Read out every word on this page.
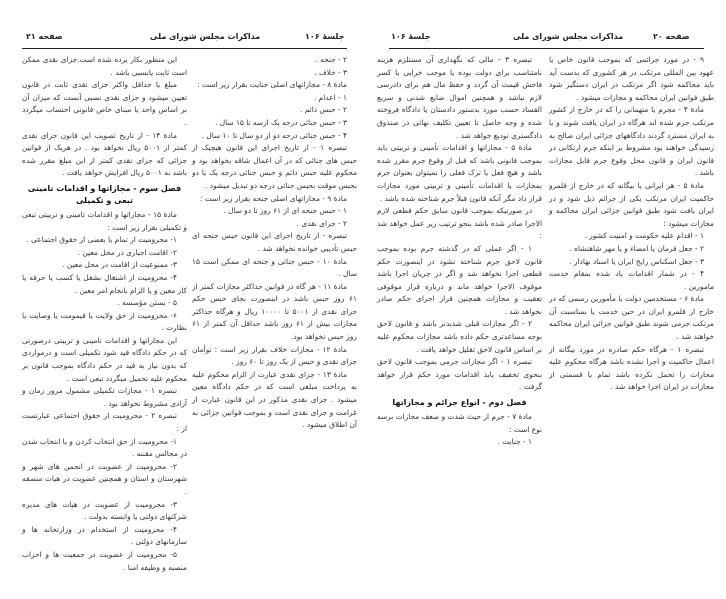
صفحه ۲۱	مذاکرات مجلس شورای ملی	جلسهٔ ۱۰۶

این منظور بکار برده شده است.جزای نقدی ممکن است ثابت یانسبی باشد .

مبلغ یا حداقل واکثر جزای نقدی ثابت در قانون تعیین میشود و جزای نقدی نسبی آنست که میزان آن بر اساس واحد یا مبنای خاص قانونی احتساب میگردد .

مادهٔ ۱۴ - از تاریخ تصویب این قانون جزای نقدی کمتر از ۵۰۰۱ ریال نخواهد بود . در هریک از قوانین جزائی که جزای نقدی کمتر از این مبلغ مقرر شده باشد به ۵۰۰۱ ریال افزایش خواهد یافت .

فصل سوم - مجازاتها و اقدامات تامینی تبعی و تکمیلی

مادهٔ ۱۵ - مجازاتها و اقدامات تامینی و تربیتی تبعی و تکمیلی بقرار زیر است :

۱- محرومیت از تمام یا بعضی از حقوق اجتماعی .

۲- اقامت اجباری در محل معین .

۳- ممنوعیت از اقامت در محل معین .

۴- محرومیت از اشتغال بشغل یا کسب یا حرفه یا کار معین و یا الزام بانجام امر معین .

۵ - بستن مؤسسه .

۶- محرومیت از حق ولایت یا قیمومت یا وصایت یا نظارت .

این مجازاتها و اقدامات تامینی و تربیتی درصورتی که در حکم دادگاه قید شود تکمیلی است و درمواردی که بدون نیاز به قید در حکم دادگاه بموجب قانون بر محکوم علیه تحمیل میگردد تبعی است .

تبصره ۱ - مجازات تکمیلی مشمول مرور زمان و آزادی مشروط نخواهد بود .

تبصره ۲ - محرومیت از حقوق اجتماعی عبارتست از :

۱- محرومیت از حق انتخاب کردن و یا انتخاب شدن در مجالس مقننه .

۲- محرومیت از عضویت در انجمن های شهر و شهرستان و استان و همچنین عضویت در هیات منصفه .

۳- محرومیت از عضویت در هیات های مدیره شرکتهای دولتی یا وابسته بدولت .

۴- محرومیت از استخدام در وزارتخانه ها و سازمانهای دولتی .

۵- محرومیت از عضویت در جمعیت ها و احزاب منصبه و وظیفه امنا .

۲ - جنحه .

۳ - خلاف .

مادهٔ ۸ - مجازاتهای اصلی جنایت بقرار زیر است :

۱ - اعدام .

۲ - حبس دائم .

۳ - حبس جنائی درجه یک ازسه تا ۱۵ سال .

۴ - حبس جنائی درجه دو از دو سال تا ۱۰ سال .

تبصره ۱ - از تاریخ اجرای این قانون هیچیک از حبس های جنائی که در آن اعمال شاقه بخواهد بود و محکوم علیه حبس دائم و حبس جنائی درجه یک یا دو بحبس موقت بحبس جنائی درجه دو تبدیل میشود .

مادهٔ ۹ - مجازاتهای اصلی جنحه بقرار زیر است :

۱ - حبس جنحه ای از ۶۱ روز تا دو سال .

۲ - جزای نقدی .

تبصره - از تاریخ اجرای این قانون حبس جنحه ای حبس تأدیبی خوانده نخواهد شد .

مادهٔ ۱۰ - حبس جنائی و جنحه ای ممکن است ۱۵ سال .

مادهٔ ۱۱ - هر گاه در قوانین حداکثر مجازات کمتر از ۶۱ روز حبس باشد در اینصورت بجای حبس حکم جزای نقدی از ۵۰۰۱ تا ۱۰۰۰۰ ریال و هرگاه حداکثر مجازات بیش از ۶۱ روز باشد حداقل آن کمتر از ۶۱ روز حبس نخواهد بود.

مادهٔ ۱۲ - مجازات خلاف بقرار زیر است : توأمان جزای نقدی و حبس از یک روز تا ۶۰ روز .

مادهٔ ۱۳ - جزای نقدی عبارت از الزام محکوم علیه به پرداخت مبلغی است که در حکم دادگاه معین میشود . جزای نقدی مذکور در این قانون عبارت از غرامت و جزای نقدی است و بموجب قوانین جزائی به آن اطلاق میشود .

صفحه ۲۰
مذاکرات مجلس شورای ملی
جلسهٔ ۱۰۶

تبصره ۳ - مالی که نگهداری آن مستلزم هزینه نامتناسب برای دولت بوده یا موجب خرابی یا کسر فاحش قیمت آن گردد و حفظ مال هم برای دادرسی لازم نباشد و همچنین اموال ضایع شدنی و سریع الفساد حسب مورد بدستور دادستان یا دادگاه فروخته شده و وجه حاصل تا تعیین تکلیف نهائی در صندوق دادگستری تودیع خواهد شد .

مادهٔ ۵ - مجازاتها و اقدامات تأمینی و تربیتی باید بموجب قانونی باشد که قبل از وقوع جرم مقرر شده باشد و هیچ فعل یا ترک فعلی را نمیتوان بعنوان جرم بمجازات یا اقدامات تأمینی و تربیتی مورد مجازات قرار داد مگر آنکه قانون قبلاً جرم شناخته شده باشد .

در صورتیکه بموجب قانون سابق حکم قطعی لازم الاجرا صادر شده باشد بنحو ترتیب زیر عمل خواهد شد :

۱ - اگر عملی که در گذشته جرم بوده بموجب قانون لاحق جرم شناخته نشود در اینصورت حکم قطعی اجرا نخواهد شد و اگر در جریان اجرا باشد موقوف الاجرا خواهد ماند و درباره قرار موقوفی تعقیب و مجازات همچنین قرار اجرای حکم صادر نخواهد شد .

۲ - اگر مجازات قبلی شدیدتر باشد و قانون لاحق بوجه مساعدتری حکم داده باشد مجازات محکوم علیه بر اساس قانون لاحق تقلیل خواهد یافت .

تبصره ۱ - اگر مجازات جرمی بموجب قانون لاحق بنحوی تخفیف یابد اقدامات مورد حکم قرار خواهد گرفت .

فصل دوم - انواع جرائم و مجازاتها

مادهٔ ۷ - جرم از حیث شدت و ضعف مجازات برسه نوع است :

۱ - جنایت .

۹ - در مورد جرائمی که بموجب قانون خاص یا عهود بین المللی مرتکب در هر کشوری که بدست آید باید محاکمه شود اگر مرتکب در ایران دستگیر شود طبق قوانین ایران محاکمه و مجازات میشود .

مادهٔ ۴ - مجرم یا متهمانی را که در خارج از کشور مرتکب جرم شده اند هرگاه در ایران یافت شوند و یا به ایران مسترد گردند دادگاههای جزائی ایران صالح به رسیدگی خواهند بود مشروط بر اینکه جرم ارتکابی در قانون ایران و قانون محل وقوع جرم قابل مجازات باشد .

مادهٔ ۵ - هر ایرانی یا بیگانه که در خارج از قلمرو حاکمیت ایران مرتکب یکی از جرائم ذیل شود و در ایران یافت شود طبق قوانین جزائی ایران محاکمه و مجازات میشود :

۱ - اقدام علیه حکومت و امنیت کشور .

۲ - جعل فرمان یا امضاء و یا مهر شاهنشاه .

۳ - جعل اسکناس رایج ایران یا اسناد بهادار .

۴ - در شمار اقدامات یاد شده بمقام خدمت مامورین .

مادهٔ ۶ - مستخدمین دولت یا مأمورین رسمی که در خارج از قلمرو ایران در حین خدمت یا بمناسبت آن مرتکب جرمی شوند طبق قوانین جزائی ایران محاکمه خواهند شد .

تبصره ۱ - هرگاه حکم صادره در مورد بیگانه از اعمال حاکمیت و اجرا نشده باشد هرگاه محکوم علیه مجازات را تحمل نکرده باشد تمام یا قسمتی از مجازات در ایران اجرا خواهد شد .
